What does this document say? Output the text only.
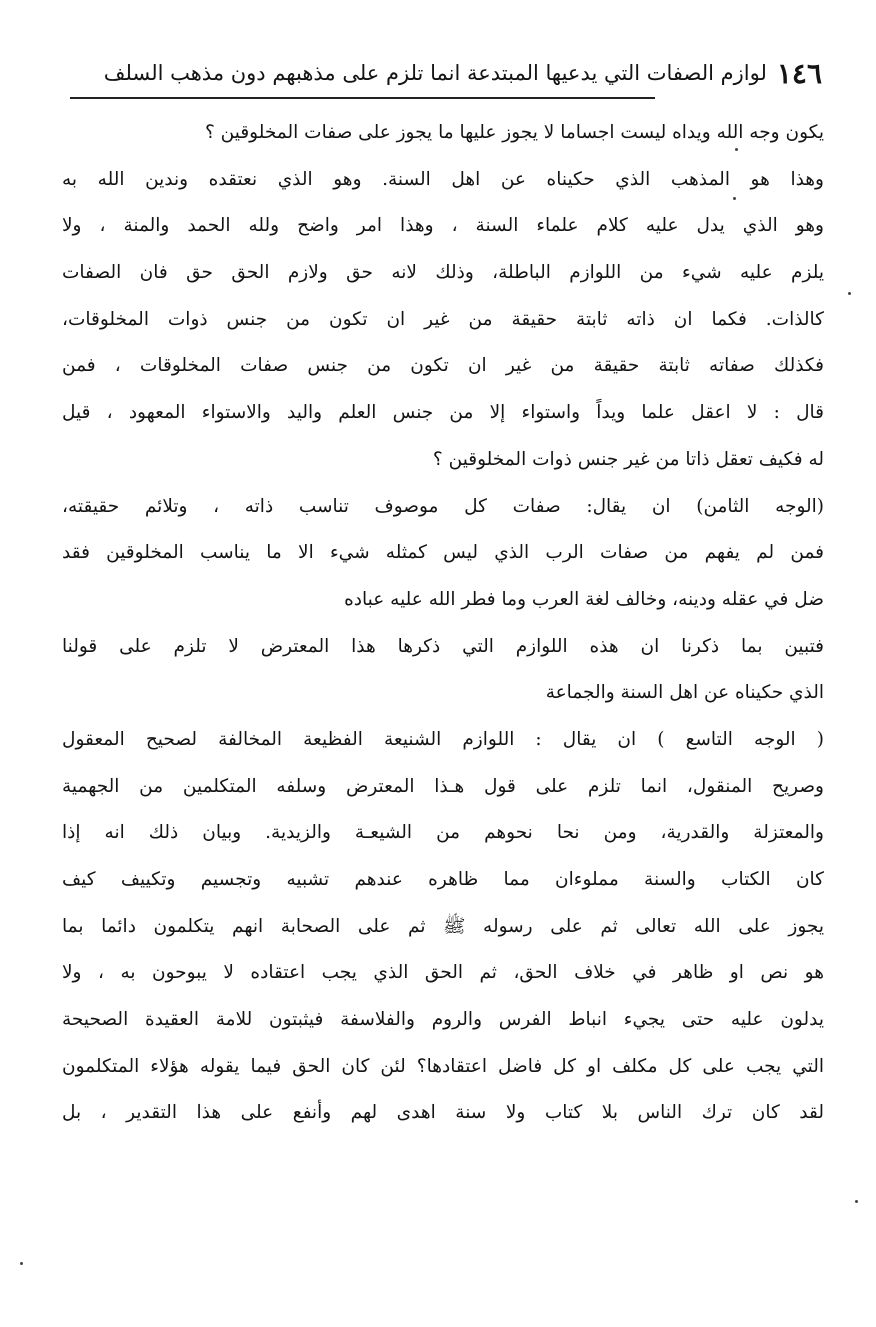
١٤٦
لوازم الصفات التي يدعيها المبتدعة انما تلزم على مذهبهم دون مذهب السلف
يكون وجه الله ويداه ليست اجساما لا يجوز عليها ما يجوز على صفات المخلوقين ؟
وهذا هو المذهب الذي حكيناه عن اهل السنة. وهو الذي نعتقده وندين الله به
وهو الذي يدل عليه كلام علماء السنة ، وهذا امر واضح ولله الحمد والمنة ، ولا
يلزم عليه شيء من اللوازم الباطلة، وذلك لانه حق ولازم الحق حق فان الصفات
كالذات. فكما ان ذاته ثابتة حقيقة من غير ان تكون من جنس ذوات المخلوقات،
فكذلك صفاته ثابتة حقيقة من غير ان تكون من جنس صفات المخلوقات ، فمن
قال : لا اعقل علما ويداً واستواء إلا من جنس العلم واليد والاستواء المعهود ، قيل
له فكيف تعقل ذاتا من غير جنس ذوات المخلوقين ؟
(الوجه الثامن) ان يقال: صفات كل موصوف تناسب ذاته ، وتلائم حقيقته،
فمن لم يفهم من صفات الرب الذي ليس كمثله شيء الا ما يناسب المخلوقين فقد
ضل في عقله ودينه، وخالف لغة العرب وما فطر الله عليه عباده
فتبين بما ذكرنا ان هذه اللوازم التي ذكرها هذا المعترض لا تلزم على قولنا
الذي حكيناه عن اهل السنة والجماعة
( الوجه التاسع ) ان يقال : اللوازم الشنيعة الفظيعة المخالفة لصحيح المعقول
وصريح المنقول، انما تلزم على قول هـذا المعترض وسلفه المتكلمين من الجهمية
والمعتزلة والقدرية، ومن نحا نحوهم من الشيعـة والزيدية. وبيان ذلك انه إذا
كان الكتاب والسنة مملوءان مما ظاهره عندهم تشبيه وتجسيم وتكييف كيف
يجوز على الله تعالى ثم على رسوله ﷺ ثم على الصحابة انهم يتكلمون دائما بما
هو نص او ظاهر في خلاف الحق، ثم الحق الذي يجب اعتقاده لا يبوحون به ، ولا
يدلون عليه حتى يجيء انباط الفرس والروم والفلاسفة فيثبتون للامة العقيدة الصحيحة
التي يجب على كل مكلف او كل فاضل اعتقادها؟ لئن كان الحق فيما يقوله هؤلاء المتكلمون
لقد كان ترك الناس بلا كتاب ولا سنة اهدى لهم وأنفع على هذا التقدير ، بل
